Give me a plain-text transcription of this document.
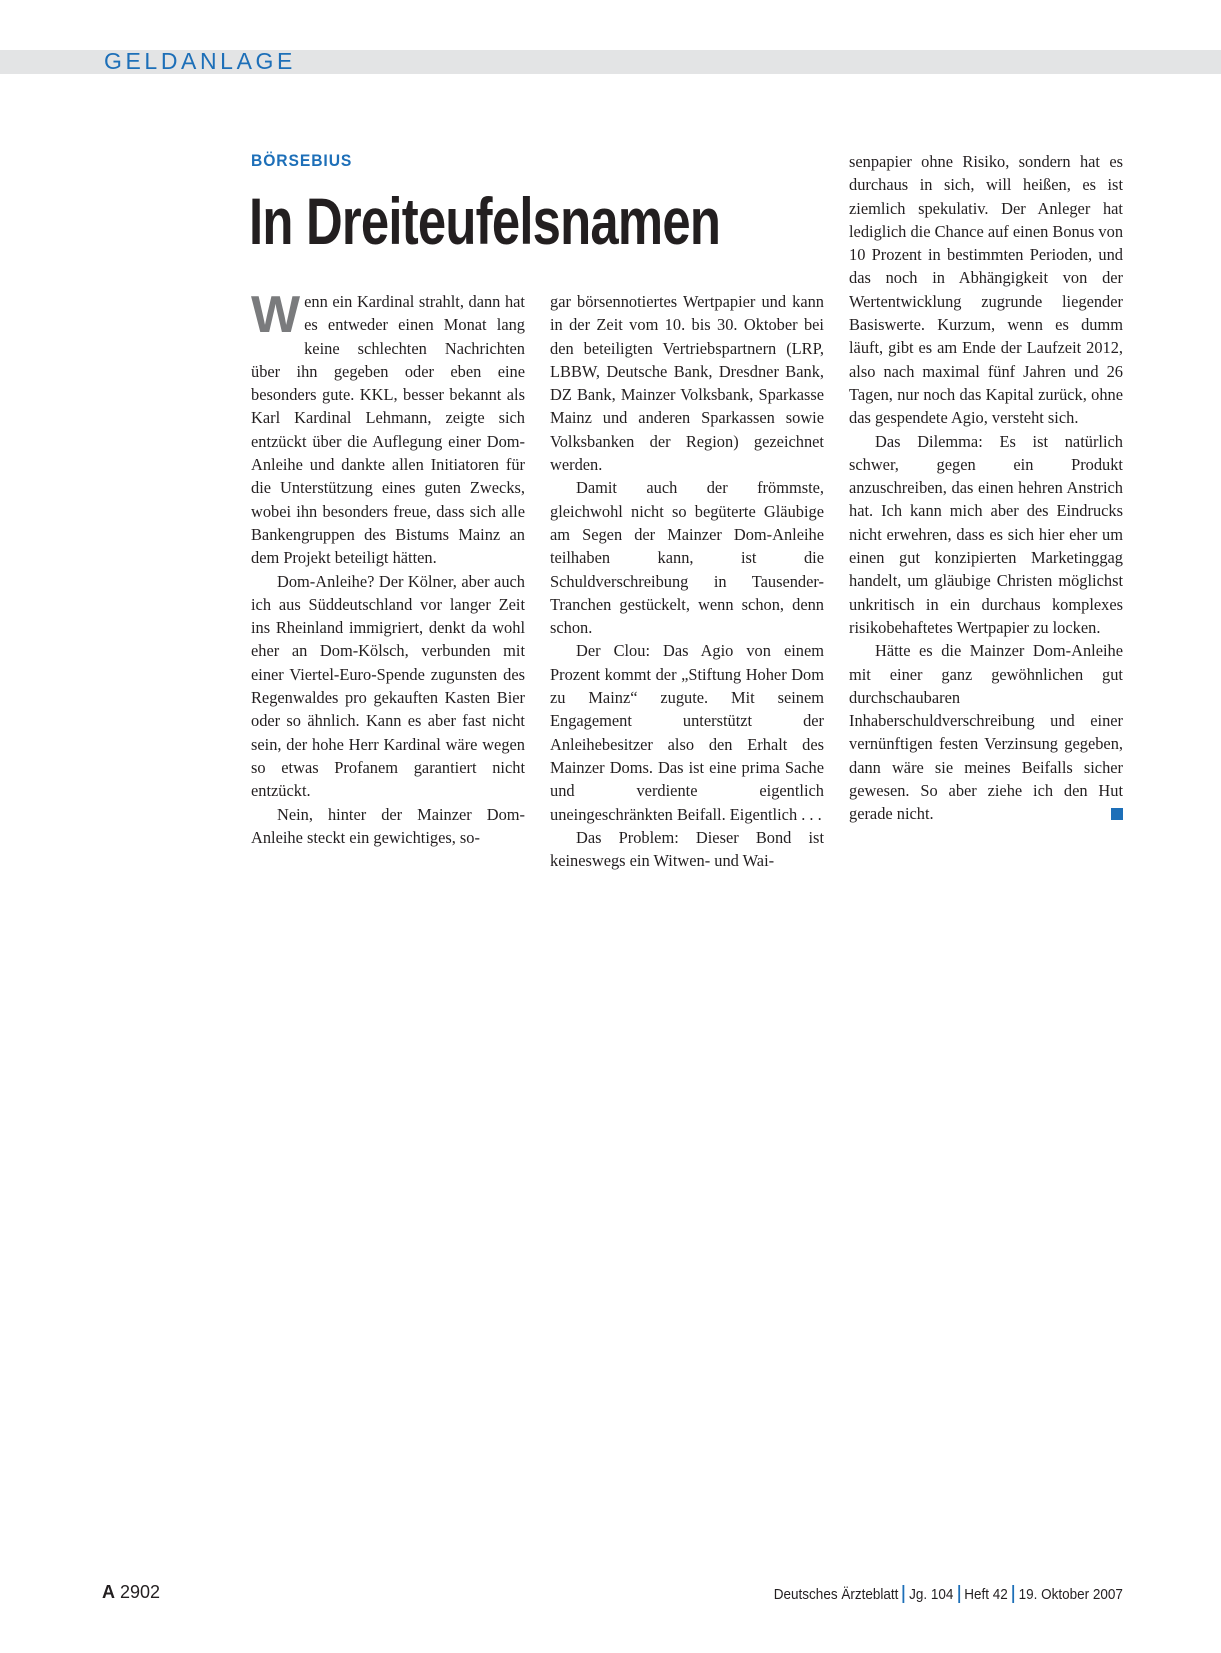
GELDANLAGE
BÖRSEBIUS
In Dreiteufelsnamen

Wenn ein Kardinal strahlt, dann hat es entweder einen Monat lang keine schlechten Nachrichten über ihn gegeben oder eben eine besonders gute. KKL, besser bekannt als Karl Kardinal Lehmann, zeigte sich entzückt über die Auflegung einer Dom-Anleihe und dankte allen Initiatoren für die Unterstützung eines guten Zwecks, wobei ihn besonders freue, dass sich alle Bankengruppen des Bistums Mainz an dem Projekt beteiligt hätten.

Dom-Anleihe? Der Kölner, aber auch ich aus Süddeutschland vor langer Zeit ins Rheinland immigriert, denkt da wohl eher an Dom-Kölsch, verbunden mit einer Viertel-Euro-Spende zugunsten des Regenwaldes pro gekauften Kasten Bier oder so ähnlich. Kann es aber fast nicht sein, der hohe Herr Kardinal wäre wegen so etwas Profanem garantiert nicht entzückt.

Nein, hinter der Mainzer Dom-Anleihe steckt ein gewichtiges, so-

gar börsennotiertes Wertpapier und kann in der Zeit vom 10. bis 30. Oktober bei den beteiligten Vertriebspartnern (LRP, LBBW, Deutsche Bank, Dresdner Bank, DZ Bank, Mainzer Volksbank, Sparkasse Mainz und anderen Sparkassen sowie Volksbanken der Region) gezeichnet werden.

Damit auch der frömmste, gleichwohl nicht so begüterte Gläubige am Segen der Mainzer Dom-Anleihe teilhaben kann, ist die Schuldverschreibung in Tausender-Tranchen gestückelt, wenn schon, denn schon.

Der Clou: Das Agio von einem Prozent kommt der „Stiftung Hoher Dom zu Mainz“ zugute. Mit seinem Engagement unterstützt der Anleihebesitzer also den Erhalt des Mainzer Doms. Das ist eine prima Sache und verdiente eigentlich uneingeschränkten Beifall. Eigentlich . . .

Das Problem: Dieser Bond ist keineswegs ein Witwen- und Wai-

senpapier ohne Risiko, sondern hat es durchaus in sich, will heißen, es ist ziemlich spekulativ. Der Anleger hat lediglich die Chance auf einen Bonus von 10 Prozent in bestimmten Perioden, und das noch in Abhängigkeit von der Wertentwicklung zugrunde liegender Basiswerte. Kurzum, wenn es dumm läuft, gibt es am Ende der Laufzeit 2012, also nach maximal fünf Jahren und 26 Tagen, nur noch das Kapital zurück, ohne das gespendete Agio, versteht sich.

Das Dilemma: Es ist natürlich schwer, gegen ein Produkt anzuschreiben, das einen hehren Anstrich hat. Ich kann mich aber des Eindrucks nicht erwehren, dass es sich hier eher um einen gut konzipierten Marketinggag handelt, um gläubige Christen möglichst unkritisch in ein durchaus komplexes risikobehaftetes Wertpapier zu locken.

Hätte es die Mainzer Dom-Anleihe mit einer ganz gewöhnlichen gut durchschaubaren Inhaberschuldverschreibung und einer vernünftigen festen Verzinsung gegeben, dann wäre sie meines Beifalls sicher gewesen. So aber ziehe ich den Hut gerade nicht.

A 2902	Deutsches Ärzteblatt Jg. 104 Heft 42 19. Oktober 2007
